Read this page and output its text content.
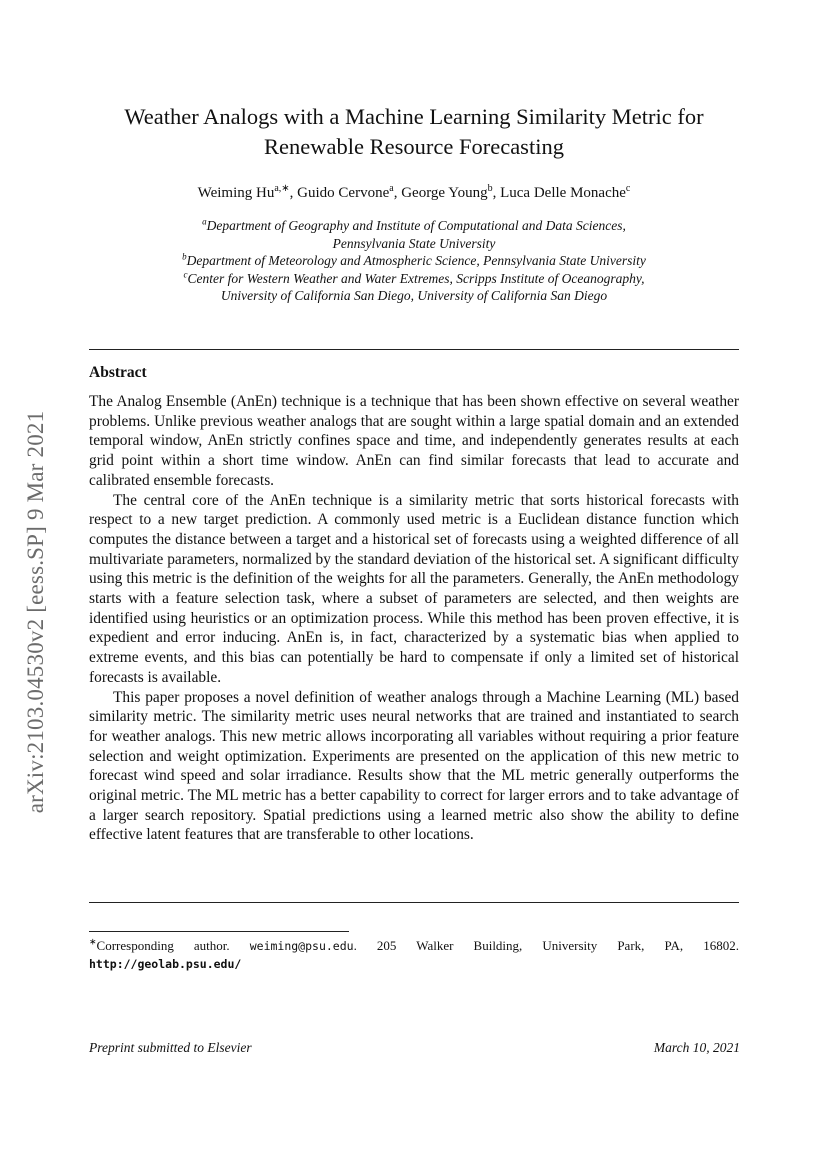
arXiv:2103.04530v2 [eess.SP] 9 Mar 2021
Weather Analogs with a Machine Learning Similarity Metric for
Renewable Resource Forecasting
Weiming $Hu^{a,∗}$, Guido Cervone$^a$, George Young$^b$, Luca Delle Monache$^c$
$^a$Department of Geography and Institute of Computational and Data Sciences,
Pennsylvania State University
$^b$Department of Meteorology and Atmospheric Science, Pennsylvania State University
$^c$Center for Western Weather and Water Extremes, Scripps Institute of Oceanography,
University of California San Diego, University of California San Diego
Abstract

The Analog Ensemble (AnEn) technique is a technique that has been shown effective on several weather problems. Unlike previous weather analogs that are sought within a large spatial domain and an extended temporal window, AnEn strictly confines space and time, and independently generates results at each grid point within a short time window. AnEn can find similar forecasts that lead to accurate and calibrated ensemble forecasts.

The central core of the AnEn technique is a similarity metric that sorts historical forecasts with respect to a new target prediction. A commonly used metric is a Euclidean distance function which computes the distance between a target and a historical set of forecasts using a weighted difference of all multivariate parameters, normalized by the standard deviation of the historical set. A significant difficulty using this metric is the definition of the weights for all the parameters. Generally, the AnEn methodology starts with a feature selection task, where a subset of parameters are selected, and then weights are identified using heuristics or an optimization process. While this method has been proven effective, it is expedient and error inducing. AnEn is, in fact, characterized by a systematic bias when applied to extreme events, and this bias can potentially be hard to compensate if only a limited set of historical forecasts is available.

This paper proposes a novel definition of weather analogs through a Machine Learning (ML) based similarity metric. The similarity metric uses neural networks that are trained and instantiated to search for weather analogs. This new metric allows incorporating all variables without requiring a prior feature selection and weight optimization. Experiments are presented on the application of this new metric to forecast wind speed and solar irradiance. Results show that the ML metric generally outperforms the original metric. The ML metric has a better capability to correct for larger errors and to take advantage of a larger search repository. Spatial predictions using a learned metric also show the ability to define effective latent features that are transferable to other locations.

∗Corresponding author. weiming@psu.edu. 205 Walker Building, University Park, PA, 16802. http://geolab.psu.edu/
Preprint submitted to Elsevier	March 10, 2021
